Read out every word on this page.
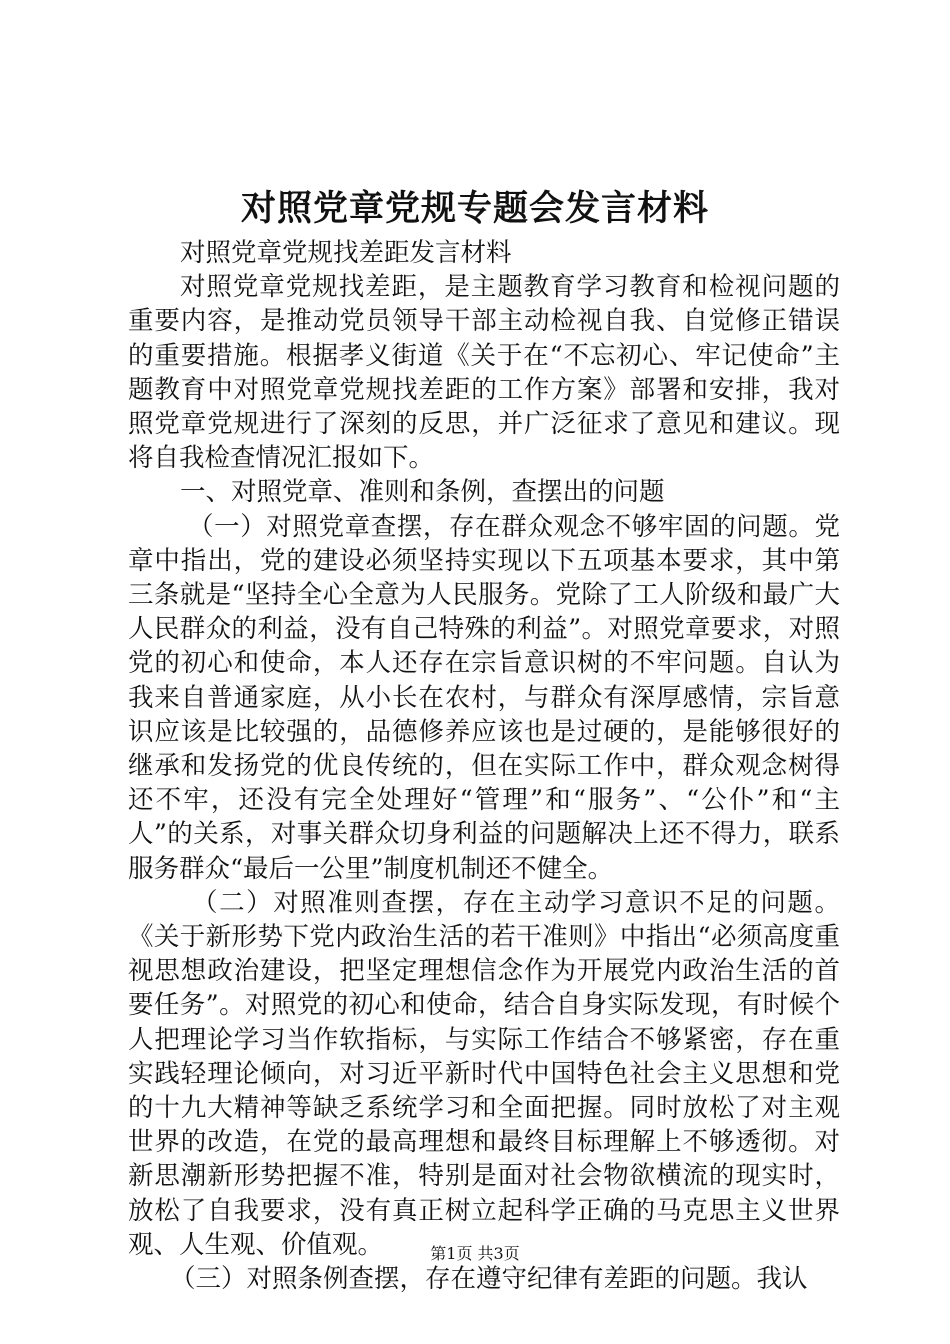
对照党章党规专题会发言材料

对照党章党规找差距发言材料

对照党章党规找差距，是主题教育学习教育和检视问题的重要内容，是推动党员领导干部主动检视自我、自觉修正错误的重要措施。根据孝义街道《关于在“不忘初心、牢记使命”主题教育中对照党章党规找差距的工作方案》部署和安排，我对照党章党规进行了深刻的反思，并广泛征求了意见和建议。现将自我检查情况汇报如下。

一、对照党章、准则和条例，查摆出的问题

（一）对照党章查摆，存在群众观念不够牢固的问题。党章中指出，党的建设必须坚持实现以下五项基本要求，其中第三条就是“坚持全心全意为人民服务。党除了工人阶级和最广大人民群众的利益，没有自己特殊的利益”。对照党章要求，对照党的初心和使命，本人还存在宗旨意识树的不牢问题。自认为我来自普通家庭，从小长在农村，与群众有深厚感情，宗旨意识应该是比较强的，品德修养应该也是过硬的，是能够很好的继承和发扬党的优良传统的，但在实际工作中，群众观念树得还不牢，还没有完全处理好“管理”和“服务”、“公仆”和“主人”的关系，对事关群众切身利益的问题解决上还不得力，联系服务群众“最后一公里”制度机制还不健全。

（二）对照准则查摆，存在主动学习意识不足的问题。《关于新形势下党内政治生活的若干准则》中指出“必须高度重视思想政治建设，把坚定理想信念作为开展党内政治生活的首要任务”。对照党的初心和使命，结合自身实际发现，有时候个人把理论学习当作软指标，与实际工作结合不够紧密，存在重实践轻理论倾向，对习近平新时代中国特色社会主义思想和党的十九大精神等缺乏系统学习和全面把握。同时放松了对主观世界的改造，在党的最高理想和最终目标理解上不够透彻。对新思潮新形势把握不准，特别是面对社会物欲横流的现实时，放松了自我要求，没有真正树立起科学正确的马克思主义世界观、人生观、价值观。

（三）对照条例查摆，存在遵守纪律有差距的问题。我认

第1页 共3页
